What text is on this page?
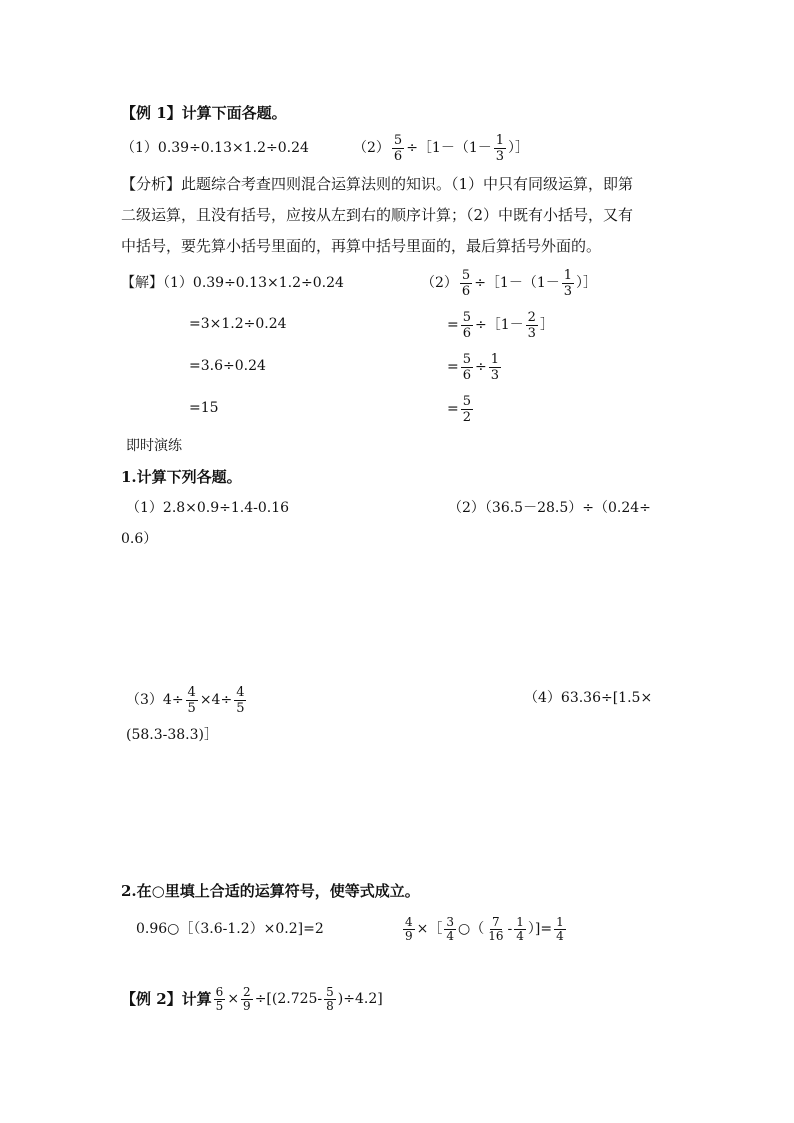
【例 1】计算下面各题。
（1）0.39÷0.13×1.2÷0.24	$(2) \frac{5}{6}$ ÷［1－（1－ $\frac{1}{3}$ ）］
【分析】此题综合考查四则混合运算法则的知识。（1）中只有同级运算，即第
二级运算，且没有括号，应按从左到右的顺序计算；（2）中既有小括号，又有
中括号，要先算小括号里面的，再算中括号里面的，最后算括号外面的。
【解】（1）0.39÷0.13×1.2÷0.24
=3×1.2÷0.24
=3.6÷0.24
=15
$(2) \frac{5}{6}$ ÷［1－（1－ $\frac{1}{3}$ ）］
= $\frac{5}{6}$ ÷［1－ $\frac{2}{3}$ ］
= $\frac{5}{6} \div \frac{1}{3}$
= $\frac{5}{2}$
即时演练
1.计算下列各题。
（1）2.8×0.9÷1.4-0.16	（2）（36.5－28.5）÷（0.24÷
0.6）
$(3)4\div \frac{4}{5} \times 4\div \frac{4}{5}$	（4）63.36÷[1.5×
(58.3-38.3)］
2.在○里填上合适的运算符号，使等式成立。
0.96○［（3.6-1.2）×0.2]=2	$\frac{4}{9}$ ×［ $\frac{3}{4}$ ○（ $\frac{7}{16} - \frac{1}{4}$ ）]= $\frac{1}{4}$
【例 2】计算 $\frac{6}{5} \times \frac{2}{9} \div[(2.725- \frac{5}{8} )\div 4.2]$
